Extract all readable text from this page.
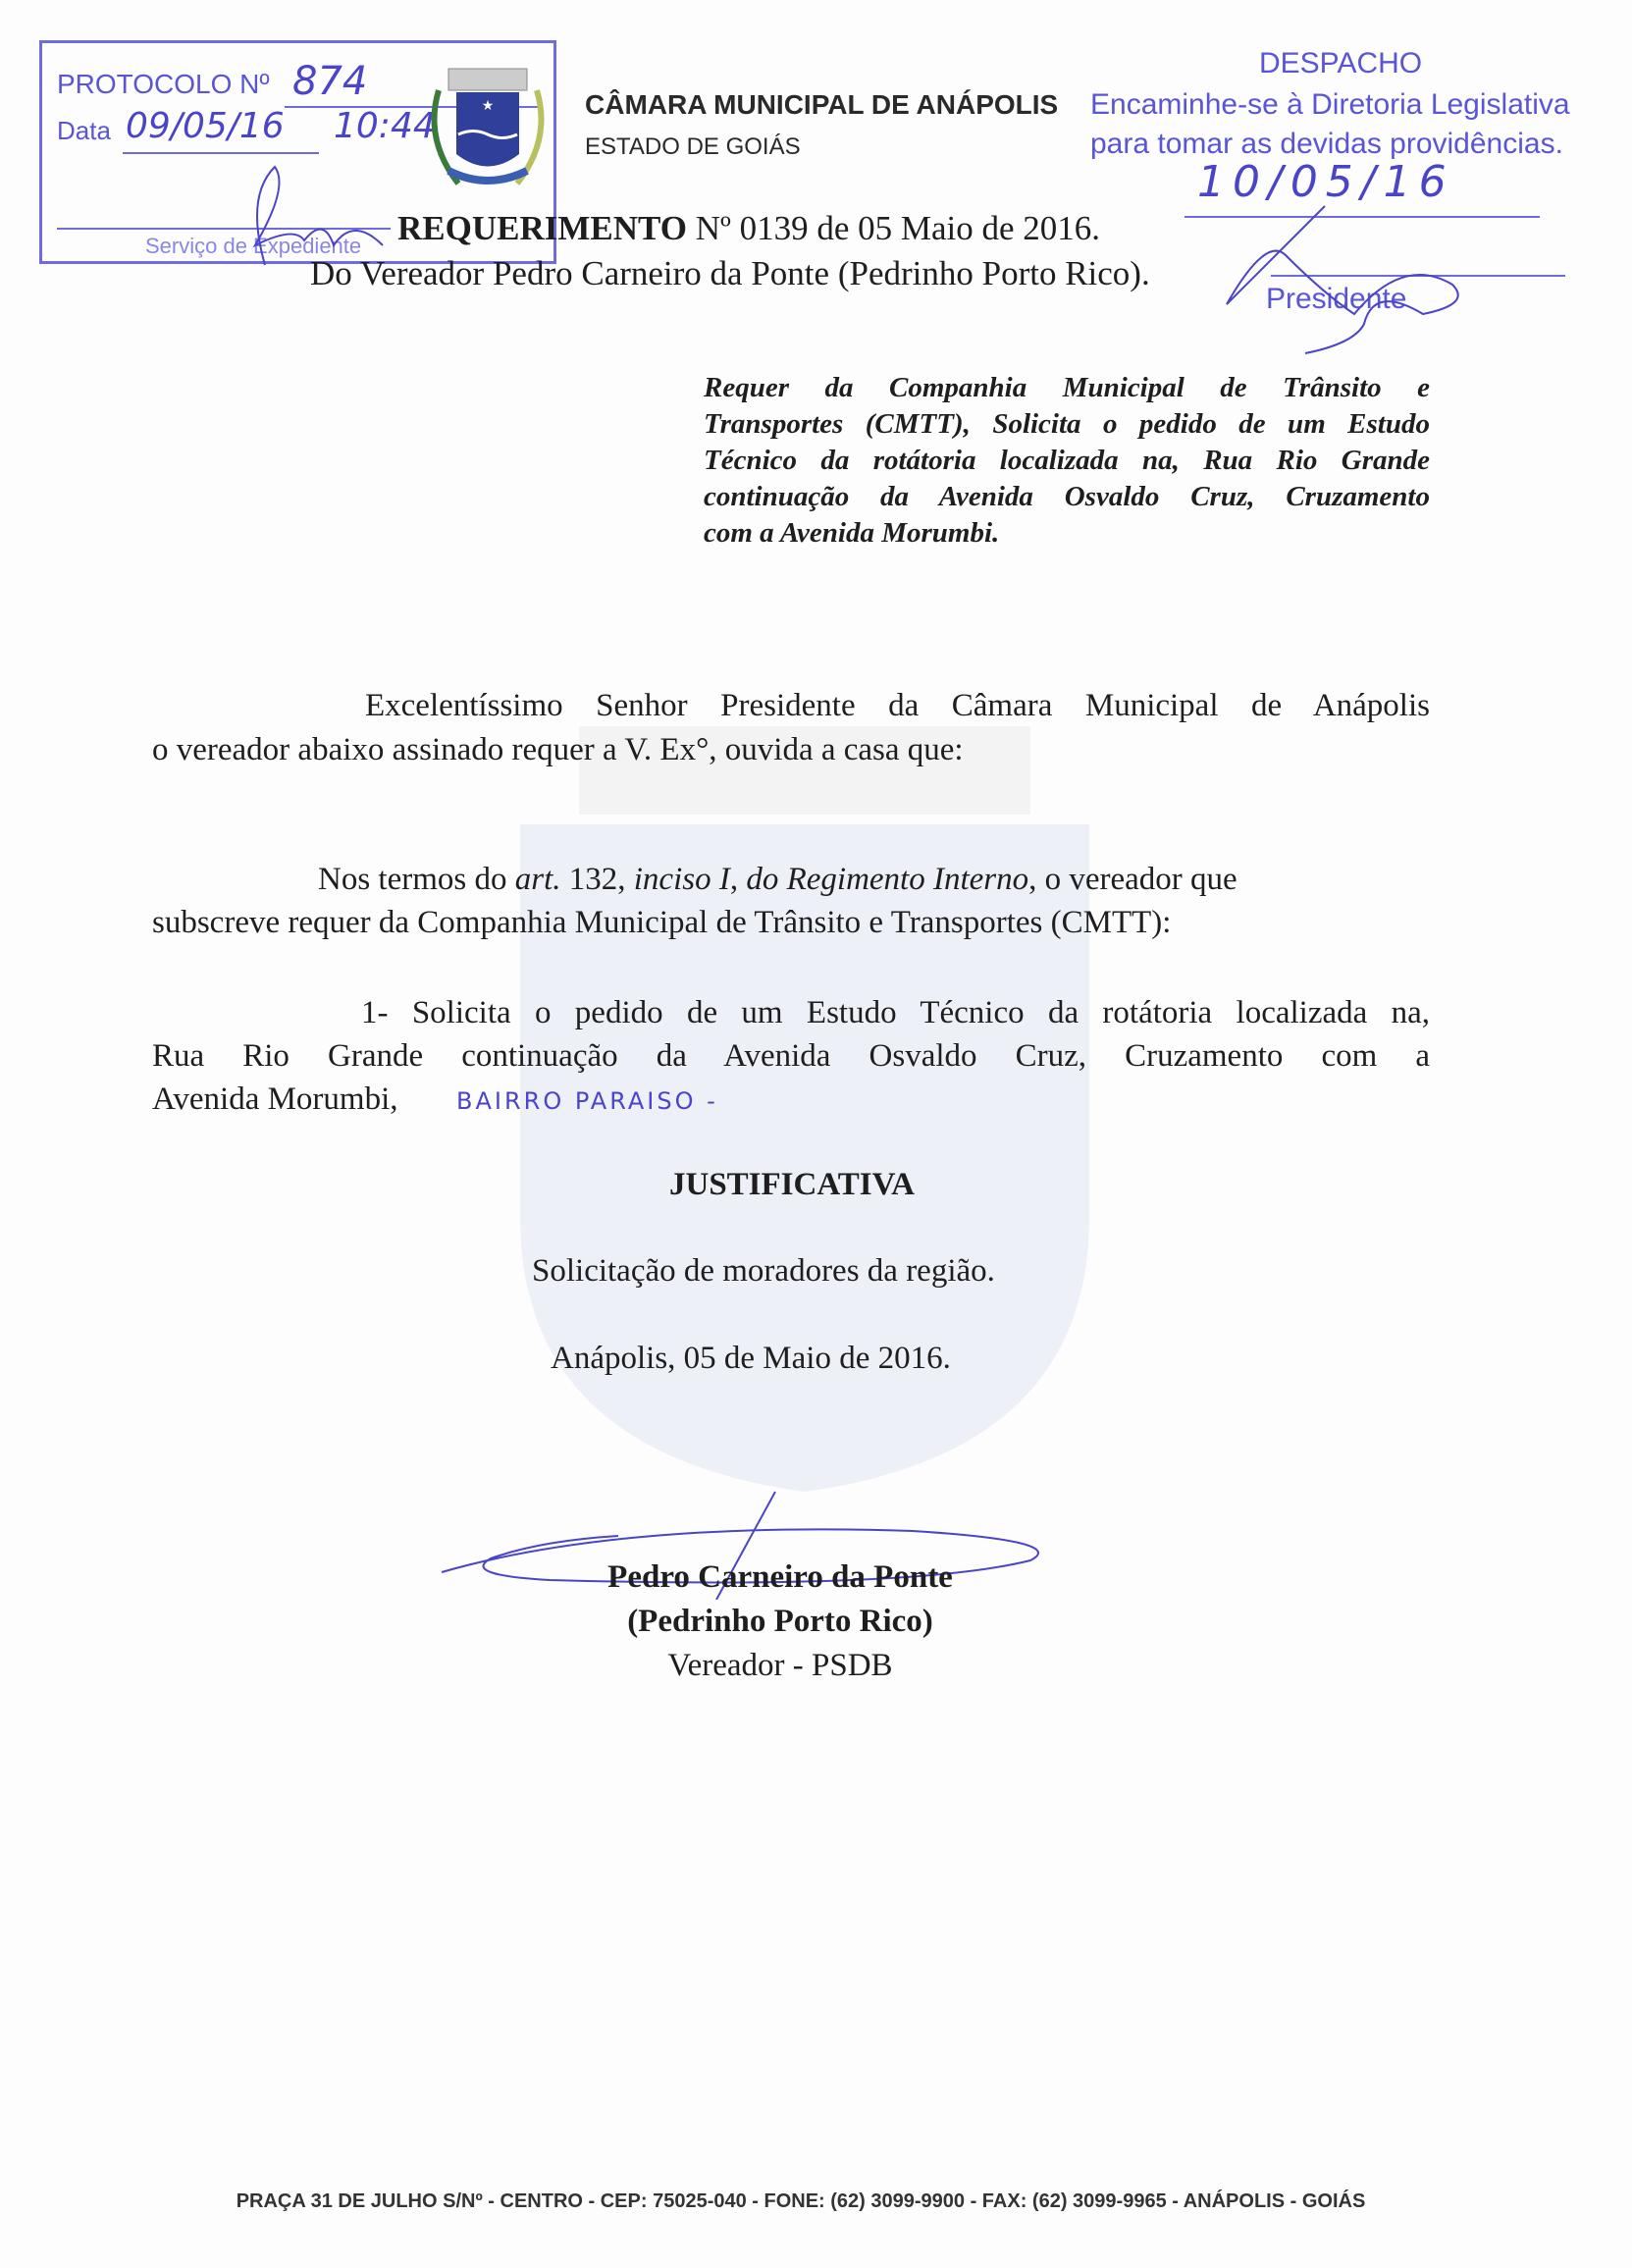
PROTOCOLO Nº 874
Data 09/05/16 10:44
Serviço de Expediente
★	CÂMARA MUNICIPAL DE ANÁPOLIS
ESTADO DE GOIÁS
DESPACHO
Encaminhe-se à Diretoria Legislativa
para tomar as devidas providências.
10/05/16
Presidente
REQUERIMENTO Nº 0139 de 05 Maio de 2016.
Do Vereador Pedro Carneiro da Ponte (Pedrinho Porto Rico).
Requer da Companhia Municipal de Trânsito e
Transportes (CMTT), Solicita o pedido de um Estudo
Técnico da rotátoria localizada na, Rua Rio Grande
continuação da Avenida Osvaldo Cruz, Cruzamento
com a Avenida Morumbi.
Excelentíssimo Senhor Presidente da Câmara Municipal de Anápolis
o vereador abaixo assinado requer a V. Ex°, ouvida a casa que:
Nos termos do art. 132, inciso I, do Regimento Interno, o vereador que
subscreve requer da Companhia Municipal de Trânsito e Transportes (CMTT):
1- Solicita o pedido de um Estudo Técnico da rotátoria localizada na,
Rua Rio Grande continuação da Avenida Osvaldo Cruz, Cruzamento com a
Avenida Morumbi, BAIRRO PARAISO -
JUSTIFICATIVA
Solicitação de moradores da região.
Anápolis, 05 de Maio de 2016.
Pedro Carneiro da Ponte
(Pedrinho Porto Rico)
Vereador - PSDB
PRAÇA 31 DE JULHO S/Nº - CENTRO - CEP: 75025-040 - FONE: (62) 3099-9900 - FAX: (62) 3099-9965 - ANÁPOLIS - GOIÁS
